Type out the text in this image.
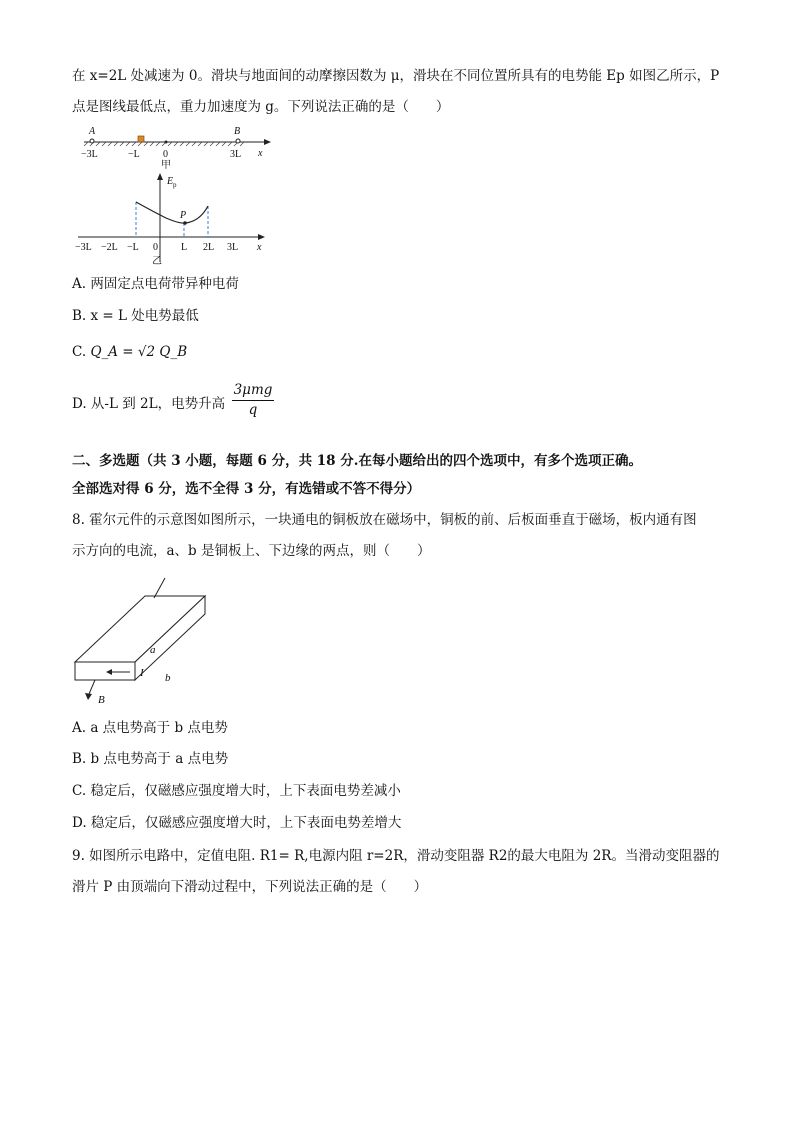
在 x=2L 处减速为 0。滑块与地面间的动摩擦因数为 μ，滑块在不同位置所具有的电势能 Ep 如图乙所示，P
点是图线最低点，重力加速度为 g。下列说法正确的是（　　）
A	B
−3L	−L 0	3L x
甲
E p
P
−3L −2L −L 0 L 2L 3L x
乙
A. 两固定点电荷带异种电荷
B. x = L 处电势最低
C. Q_A = √2 Q_B
D. 从-L 到 2L，电势升高
3μmg
q
二、多选题（共 3 小题，每题 6 分，共 18 分.在每小题给出的四个选项中，有多个选项正确。
全部选对得 6 分，选不全得 3 分，有选错或不答不得分）
8. 霍尔元件的示意图如图所示，一块通电的铜板放在磁场中，铜板的前、后板面垂直于磁场，板内通有图
示方向的电流，a、b 是铜板上、下边缘的两点，则（　　）
a
I b
B
A. a 点电势高于 b 点电势
B. b 点电势高于 a 点电势
C. 稳定后，仅磁感应强度增大时，上下表面电势差减小
D. 稳定后，仅磁感应强度增大时，上下表面电势差增大
9. 如图所示电路中，定值电阻. R1= R,电源内阻 r=2R，滑动变阻器 R2的最大电阻为 2R。当滑动变阻器的
滑片 P 由顶端向下滑动过程中，下列说法正确的是（　　）
